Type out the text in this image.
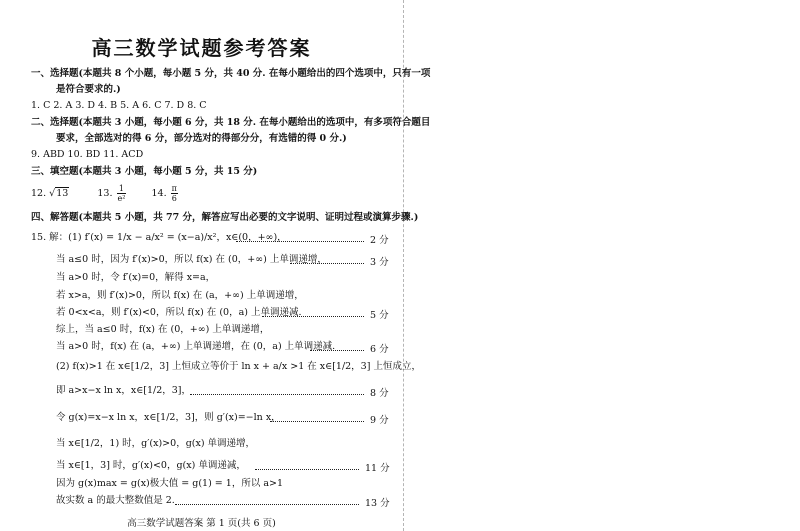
高三数学试题参考答案
一、选择题(本题共 8 个小题，每小题 5 分，共 40 分. 在每小题给出的四个选项中，只有一项
是符合要求的.)
1. C 2. A 3. D 4. B 5. A 6. C 7. D 8. C
二、选择题(本题共 3 小题，每小题 6 分，共 18 分. 在每小题给出的选项中，有多项符合题目
要求，全部选对的得 6 分，部分选对的得部分分，有选错的得 0 分.)
9. ABD 10. BD 11. ACD
三、填空题(本题共 3 小题，每小题 5 分，共 15 分)
12. √13	13. $\frac{1}{\text{e²}}$	14. $\frac{\pi}{6}$
四、解答题(本题共 5 小题，共 77 分，解答应写出必要的文字说明、证明过程或演算步骤.)
15. 解：(1) f′(x) = 1/x − a/x² = (x−a)/x²，x∈(0，+∞)，	2 分
当 a≤0 时，因为 f′(x)>0，所以 f(x) 在 (0，+∞) 上单调递增，	3 分
当 a>0 时，令 f′(x)=0，解得 x=a，
若 x>a，则 f′(x)>0，所以 f(x) 在 (a，+∞) 上单调递增，
若 0<x<a，则 f′(x)<0，所以 f(x) 在 (0，a) 上单调递减.	5 分
综上，当 a≤0 时，f(x) 在 (0，+∞) 上单调递增，
当 a>0 时，f(x) 在 (a，+∞) 上单调递增，在 (0，a) 上单调递减.	6 分
(2) f(x)>1 在 x∈[1/2，3] 上恒成立等价于 ln x + a/x >1 在 x∈[1/2，3] 上恒成立，
即 a>x−x ln x，x∈[1/2，3]，	8 分
令 g(x)=x−x ln x，x∈[1/2，3]，则 g′(x)=−ln x，	9 分
当 x∈[1/2，1) 时，g′(x)>0，g(x) 单调递增，
当 x∈[1，3] 时，g′(x)<0，g(x) 单调递减，	11 分
因为 g(x)max = g(x)极大值 = g(1) = 1，所以 a>1
故实数 a 的最大整数值是 2.	13 分
高三数学试题答案 第 1 页(共 6 页)
